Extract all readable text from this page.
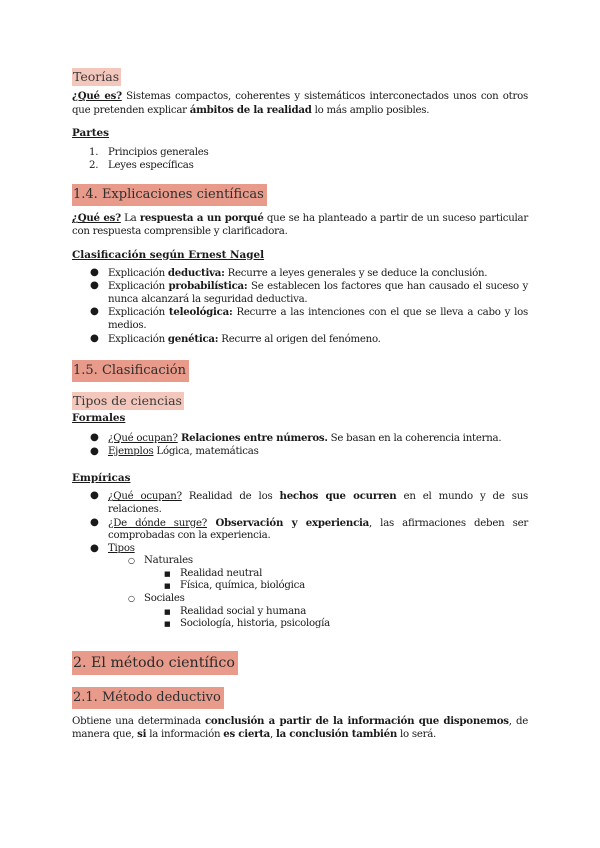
Teorías

¿Qué es? Sistemas compactos, coherentes y sistemáticos interconectados unos con otros que pretenden explicar ámbitos de la realidad lo más amplio posibles.

Partes
1. Principios generales
2. Leyes específicas
1.4. Explicaciones científicas

¿Qué es? La respuesta a un porqué que se ha planteado a partir de un suceso particular con respuesta comprensible y clarificadora.

Clasificación según Ernest Nagel
● Explicación deductiva: Recurre a leyes generales y se deduce la conclusión.
● Explicación probabilística: Se establecen los factores que han causado el suceso y nunca alcanzará la seguridad deductiva.
● Explicación teleológica: Recurre a las intenciones con el que se lleva a cabo y los medios.
● Explicación genética: Recurre al origen del fenómeno.
1.5. Clasificación
Tipos de ciencias
Formales
● ¿Qué ocupan? Relaciones entre números. Se basan en la coherencia interna.
● Ejemplos Lógica, matemáticas
Empíricas
● ¿Qué ocupan? Realidad de los hechos que ocurren en el mundo y de sus relaciones.
● ¿De dónde surge? Observación y experiencia, las afirmaciones deben ser comprobadas con la experiencia.
● Tipos
○ Naturales
■ Realidad neutral
■ Física, química, biológica
○ Sociales
■ Realidad social y humana
■ Sociología, historia, psicología
2. El método científico
2.1. Método deductivo

Obtiene una determinada conclusión a partir de la información que disponemos, de manera que, si la información es cierta, la conclusión también lo será.
